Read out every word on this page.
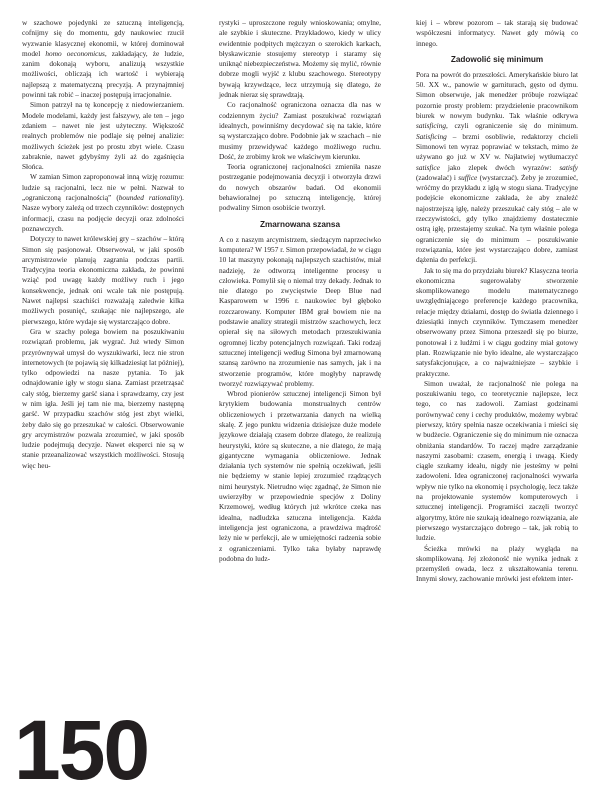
w szachowe pojedynki ze sztuczną inteligencją, cofnijmy się do momentu, gdy naukowiec rzucił wyzwanie klasycznej ekonomii, w której dominował model homo oeconomicus, zakładający, że ludzie, zanim dokonają wyboru, analizują wszystkie możliwości, obliczają ich wartość i wybierają najlepszą z matematyczną precyzją. A przynajmniej powinni tak robić – inaczej postępują irracjonalnie.

Simon patrzył na tę koncepcję z niedowierzaniem. Modele modelami, każdy jest fałszywy, ale ten – jego zdaniem – nawet nie jest użyteczny. Większość realnych problemów nie podlaje się pełnej analizie: możliwych ścieżek jest po prostu zbyt wiele. Czasu zabraknie, nawet gdybyśmy żyli aż do zgaśnięcia Słońca.

W zamian Simon zaproponował inną wizję rozumu: ludzie są racjonalni, lecz nie w pełni. Nazwał to „ograniczoną racjonalnością” (bounded rationality). Nasze wybory zależą od trzech czynników: dostępnych informacji, czasu na podjęcie decyzji oraz zdolności poznawczych.

Dotyczy to nawet królewskiej gry – szachów – którą Simon się pasjonował. Obserwował, w jaki sposób arcymistrzowie planują zagrania podczas partii. Tradycyjna teoria ekonomiczna zakłada, że powinni wziąć pod uwagę każdy możliwy ruch i jego konsekwencje, jednak oni wcale tak nie postępują. Nawet najlepsi szachiści rozważają zaledwie kilka możliwych posunięć, szukając nie najlepszego, ale pierwszego, które wydaje się wystarczająco dobre.

Gra w szachy polega bowiem na poszukiwaniu rozwiązań problemu, jak wygrać. Już wtedy Simon przyrównywał umysł do wyszukiwarki, lecz nie stron internetowych (te pojawią się kilkadziesiąt lat później), tylko odpowiedzi na nasze pytania. To jak odnajdowanie igły w stogu siana. Zamiast przetrząsać cały stóg, bierzemy garść siana i sprawdzamy, czy jest w nim igła. Jeśli jej tam nie ma, bierzemy następną garść. W przypadku szachów stóg jest zbyt wielki, żeby dało się go przeszukać w całości. Obserwowanie gry arcymistrzów pozwala zrozumieć, w jaki sposób ludzie podejmują decyzje. Nawet eksperci nie są w stanie przeanalizować wszystkich możliwości. Stosują więc heu-

rystyki – uproszczone reguły wnioskowania; omylne, ale szybkie i skuteczne. Przykładowo, kiedy w ulicy ewidentnie podpitych mężczyzn o szerokich karkach, błyskawicznie stosujemy stereotyp i staramy się uniknąć niebezpieczeństwa. Możemy się mylić, równie dobrze mogli wyjść z klubu szachowego. Stereotypy bywają krzywdzące, lecz utrzymują się dlatego, że jednak nieraz się sprawdzają.

Co racjonalność ograniczona oznacza dla nas w codziennym życiu? Zamiast poszukiwać rozwiązań idealnych, powinniśmy decydować się na takie, które są wystarczająco dobre. Podobnie jak w szachach – nie musimy przewidywać każdego możliwego ruchu. Dość, że zrobimy krok we właściwym kierunku.

Teoria ograniczonej racjonalności zmieniła nasze postrzeganie podejmowania decyzji i otworzyła drzwi do nowych obszarów badań. Od ekonomii behawioralnej po sztuczną inteligencję, której podwaliny Simon osobiście tworzył.

Zmarnowana szansa

A co z naszym arcymistrzem, siedzącym naprzeciwko komputera? W 1957 r. Simon przepowiadał, że w ciągu 10 lat maszyny pokonają najlepszych szachistów, miał nadzieję, że odtworzą inteligentne procesy u człowieka. Pomylił się o niemal trzy dekady. Jednak to nie dlatego po zwycięstwie Deep Blue nad Kasparowem w 1996 r. naukowiec był głęboko rozczarowany. Komputer IBM grał bowiem nie na podstawie analizy strategii mistrzów szachowych, lecz opierał się na siłowych metodach przeszukiwania ogromnej liczby potencjalnych rozwiązań. Taki rodzaj sztucznej inteligencji według Simona był zmarnowaną szansą zarówno na zrozumienie nas samych, jak i na stworzenie programów, które mogłyby naprawdę tworzyć rozwiązywać problemy.

Wbrod pionierów sztucznej inteligencji Simon był krytykiem budowania monstrualnych centrów obliczeniowych i przetwarzania danych na wielką skalę. Z jego punktu widzenia dzisiejsze duże modele językowe działają czasem dobrze dlatego, że realizują heurystyki, które są skuteczne, a nie dlatego, że mają gigantyczne wymagania obliczeniowe. Jednak działania tych systemów nie spełnią oczekiwań, jeśli nie będziemy w stanie lepiej zrozumieć rządzących nimi heurystyk. Nietrudno więc zgadnąć, że Simon nie uwierzyłby w przepowiednie specjów z Doliny Krzemowej, według których już wkrótce czeka nas idealna, nadludzka sztuczna inteligencja. Każda inteligencja jest ograniczona, a prawdziwa mądrość leży nie w perfekcji, ale w umiejętności radzenia sobie z ograniczeniami. Tylko taka byłaby naprawdę podobna do ludz-

kiej i – wbrew pozorom – tak starają się budować współczesni informatycy. Nawet gdy mówią co innego.

Zadowolić się minimum

Pora na powrót do przeszłości. Amerykańskie biuro lat 50. XX w., panowie w garniturach, gęsto od dymu. Simon obserwuje, jak menedżer próbuje rozwiązać pozornie prosty problem: przydzielenie pracownikom biurek w nowym budynku. Tak właśnie odkrywa satisficing, czyli ograniczenie się do minimum. Satisficing – brzmi osobliwie, redaktorzy chcieli Simonowi ten wyraz poprawiać w tekstach, mimo że używano go już w XV w. Najłatwiej wytłumaczyć satisfice jako zlepek dwóch wyrazów: satisfy (zadowalać) i suffice (wystarczać). Żeby je zrozumieć, wróćmy do przykładu z igłą w stogu siana. Tradycyjne podejście ekonomiczne zakłada, że aby znaleźć najostrzejszą igłę, należy przeszukać cały stóg – ale w rzeczywistości, gdy tylko znajdziemy dostatecznie ostrą igłę, przestajemy szukać. Na tym właśnie polega ograniczenie się do minimum – poszukiwanie rozwiązania, które jest wystarczająco dobre, zamiast dążenia do perfekcji.

Jak to się ma do przydziału biurek? Klasyczna teoria ekonomiczna sugerowałaby stworzenie skomplikowanego modelu matematycznego uwzględniającego preferencje każdego pracownika, relacje między działami, dostęp do światła dziennego i dziesiątki innych czynników. Tymczasem menedżer obserwowany przez Simona przeszedł się po biurze, ponotował i z ludźmi i w ciągu godziny miał gotowy plan. Rozwiązanie nie było idealne, ale wystarczająco satysfakcjonujące, a co najważniejsze – szybkie i praktyczne.

Simon uważał, że racjonalność nie polega na poszukiwaniu tego, co teoretycznie najlepsze, lecz tego, co nas zadowoli. Zamiast godzinami porównywać ceny i cechy produktów, możemy wybrać pierwszy, który spełnia nasze oczekiwania i mieści się w budżecie. Ograniczenie się do minimum nie oznacza obniżania standardów. To raczej mądre zarządzanie naszymi zasobami: czasem, energią i uwagą. Kiedy ciągle szukamy ideału, nigdy nie jesteśmy w pełni zadowoleni. Idea ograniczonej racjonalności wywarła wpływ nie tylko na ekonomię i psychologię, lecz także na projektowanie systemów komputerowych i sztucznej inteligencji. Programiści zaczęli tworzyć algorytmy, które nie szukają idealnego rozwiązania, ale pierwszego wystarczająco dobrego – tak, jak robią to ludzie.

Ścieżka mrówki na plaży wygląda na skomplikowaną. Jej złożoność nie wynika jednak z przemyśleń owada, lecz z ukształtowania terenu. Innymi słowy, zachowanie mrówki jest efektem inter-

150
